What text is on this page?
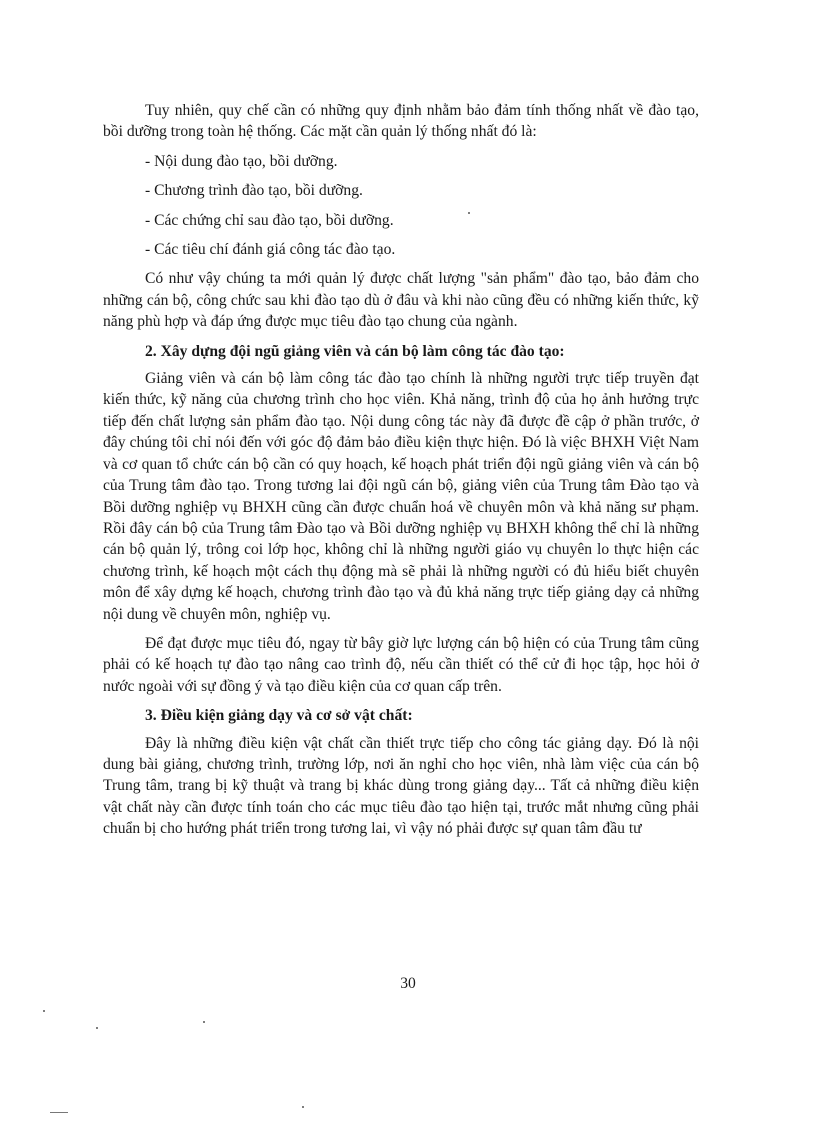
Tuy nhiên, quy chế cần có những quy định nhằm bảo đảm tính thống nhất về đào tạo, bồi dưỡng trong toàn hệ thống. Các mặt cần quản lý thống nhất đó là:

- Nội dung đào tạo, bồi dưỡng.

- Chương trình đào tạo, bồi dưỡng.

- Các chứng chỉ sau đào tạo, bồi dưỡng.

- Các tiêu chí đánh giá công tác đào tạo.

Có như vậy chúng ta mới quản lý được chất lượng "sản phẩm" đào tạo, bảo đảm cho những cán bộ, công chức sau khi đào tạo dù ở đâu và khi nào cũng đều có những kiến thức, kỹ năng phù hợp và đáp ứng được mục tiêu đào tạo chung của ngành.

2. Xây dựng đội ngũ giảng viên và cán bộ làm công tác đào tạo:

Giảng viên và cán bộ làm công tác đào tạo chính là những người trực tiếp truyền đạt kiến thức, kỹ năng của chương trình cho học viên. Khả năng, trình độ của họ ảnh hưởng trực tiếp đến chất lượng sản phẩm đào tạo. Nội dung công tác này đã được đề cập ở phần trước, ở đây chúng tôi chỉ nói đến với góc độ đảm bảo điều kiện thực hiện. Đó là việc BHXH Việt Nam và cơ quan tổ chức cán bộ cần có quy hoạch, kế hoạch phát triển đội ngũ giảng viên và cán bộ của Trung tâm đào tạo. Trong tương lai đội ngũ cán bộ, giảng viên của Trung tâm Đào tạo và Bồi dưỡng nghiệp vụ BHXH cũng cần được chuẩn hoá về chuyên môn và khả năng sư phạm. Rồi đây cán bộ của Trung tâm Đào tạo và Bồi dưỡng nghiệp vụ BHXH không thể chỉ là những cán bộ quản lý, trông coi lớp học, không chỉ là những người giáo vụ chuyên lo thực hiện các chương trình, kế hoạch một cách thụ động mà sẽ phải là những người có đủ hiểu biết chuyên môn để xây dựng kế hoạch, chương trình đào tạo và đủ khả năng trực tiếp giảng dạy cả những nội dung về chuyên môn, nghiệp vụ.

Để đạt được mục tiêu đó, ngay từ bây giờ lực lượng cán bộ hiện có của Trung tâm cũng phải có kế hoạch tự đào tạo nâng cao trình độ, nếu cần thiết có thể cử đi học tập, học hỏi ở nước ngoài với sự đồng ý và tạo điều kiện của cơ quan cấp trên.

3. Điều kiện giảng dạy và cơ sở vật chất:

Đây là những điều kiện vật chất cần thiết trực tiếp cho công tác giảng dạy. Đó là nội dung bài giảng, chương trình, trường lớp, nơi ăn nghỉ cho học viên, nhà làm việc của cán bộ Trung tâm, trang bị kỹ thuật và trang bị khác dùng trong giảng dạy... Tất cả những điều kiện vật chất này cần được tính toán cho các mục tiêu đào tạo hiện tại, trước mắt nhưng cũng phải chuẩn bị cho hướng phát triển trong tương lai, vì vậy nó phải được sự quan tâm đầu tư

30
